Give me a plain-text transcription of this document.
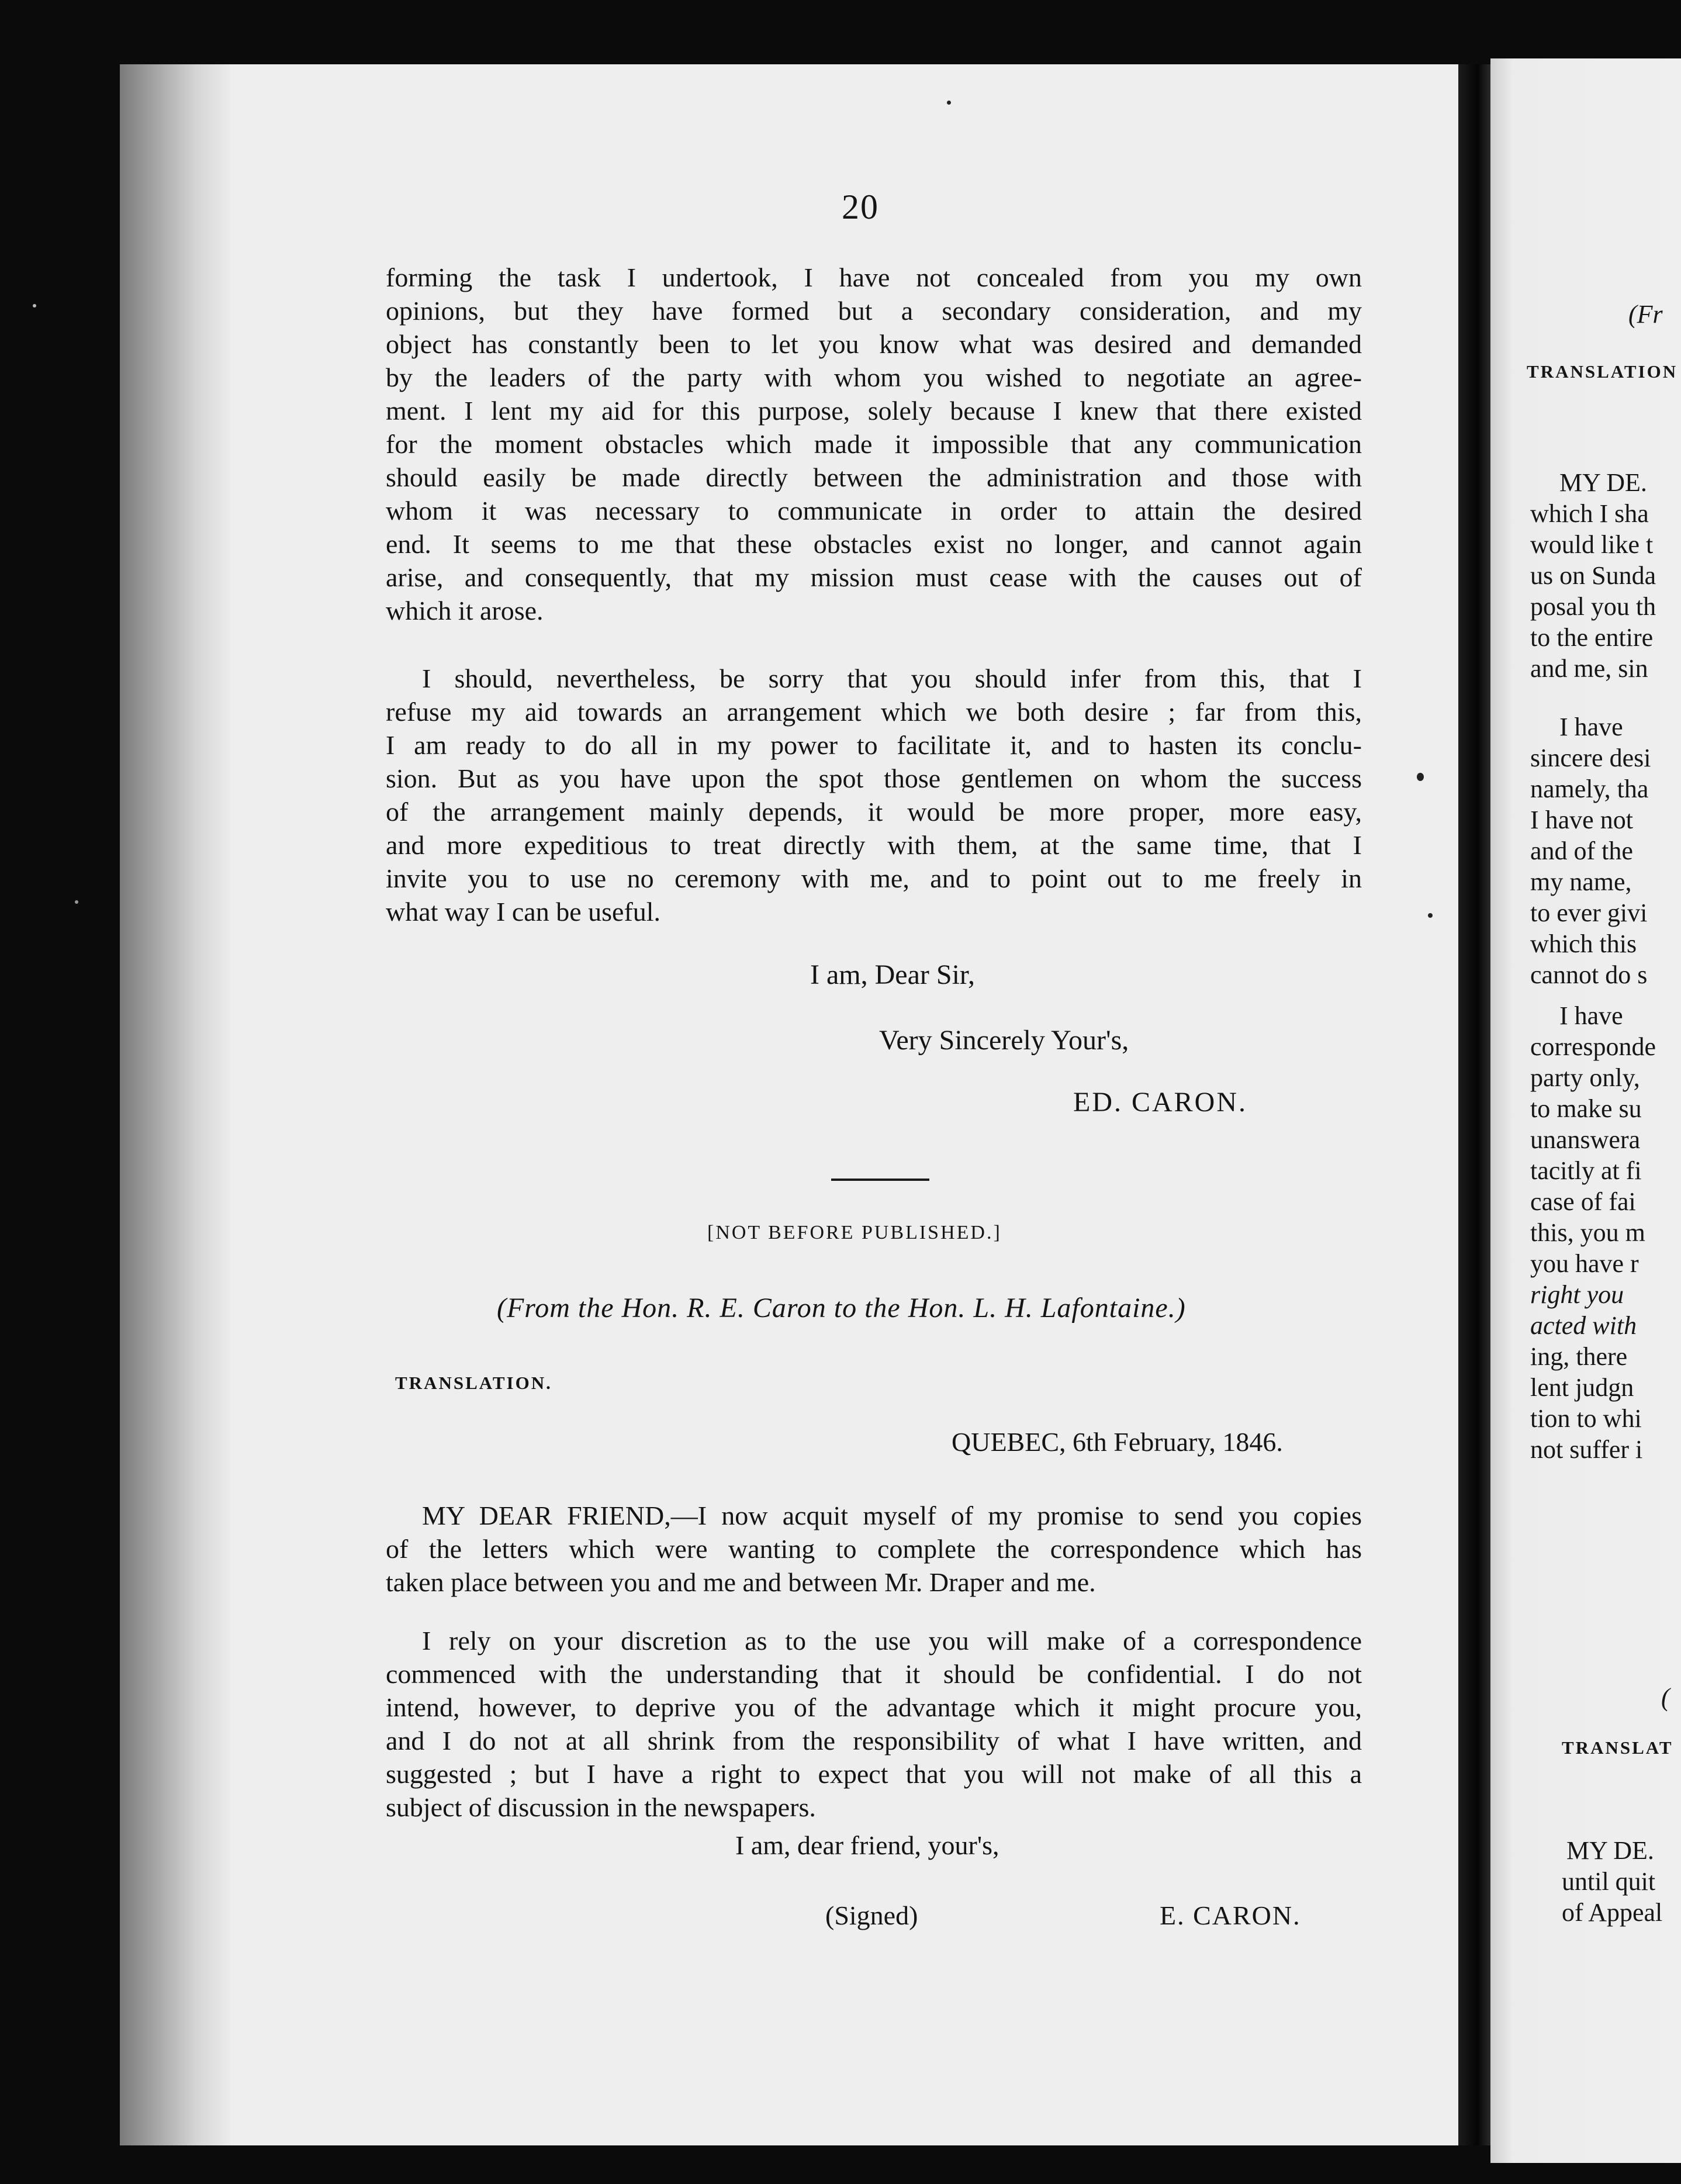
20
forming the task I undertook, I have not concealed from you my own
opinions, but they have formed but a secondary consideration, and my
object has constantly been to let you know what was desired and demanded
by the leaders of the party with whom you wished to negotiate an agree-
ment. I lent my aid for this purpose, solely because I knew that there existed
for the moment obstacles which made it impossible that any communication
should easily be made directly between the administration and those with
whom it was necessary to communicate in order to attain the desired
end. It seems to me that these obstacles exist no longer, and cannot again
arise, and consequently, that my mission must cease with the causes out of
which it arose.
I should, nevertheless, be sorry that you should infer from this, that I
refuse my aid towards an arrangement which we both desire ; far from this,
I am ready to do all in my power to facilitate it, and to hasten its conclu-
sion. But as you have upon the spot those gentlemen on whom the success
of the arrangement mainly depends, it would be more proper, more easy,
and more expeditious to treat directly with them, at the same time, that I
invite you to use no ceremony with me, and to point out to me freely in
what way I can be useful.
I am, Dear Sir,
Very Sincerely Your's,
ED. CARON.
[NOT BEFORE PUBLISHED.]
(From the Hon. R. E. Caron to the Hon. L. H. Lafontaine.)
TRANSLATION.
QUEBEC, 6th February, 1846.
MY DEAR FRIEND,—I now acquit myself of my promise to send you copies
of the letters which were wanting to complete the correspondence which has
taken place between you and me and between Mr. Draper and me.
I rely on your discretion as to the use you will make of a correspondence
commenced with the understanding that it should be confidential. I do not
intend, however, to deprive you of the advantage which it might procure you,
and I do not at all shrink from the responsibility of what I have written, and
suggested ; but I have a right to expect that you will not make of all this a
subject of discussion in the newspapers.
I am, dear friend, your's,
(Signed)	E. CARON.
(Fr
TRANSLATION
MY DE.
which I sha
would like t
us on Sunda
posal you th
to the entire
and me, sin
I have
sincere desi
namely, tha
I have not
and of the
my name,
to ever givi
which this
cannot do s
I have
corresponde
party only,
to make su
unanswera
tacitly at fi
case of fai
this, you m
you have r
right you
acted with
ing, there
lent judgn
tion to whi
not suffer i
(
TRANSLAT
MY DE.
until quit
of Appeal
